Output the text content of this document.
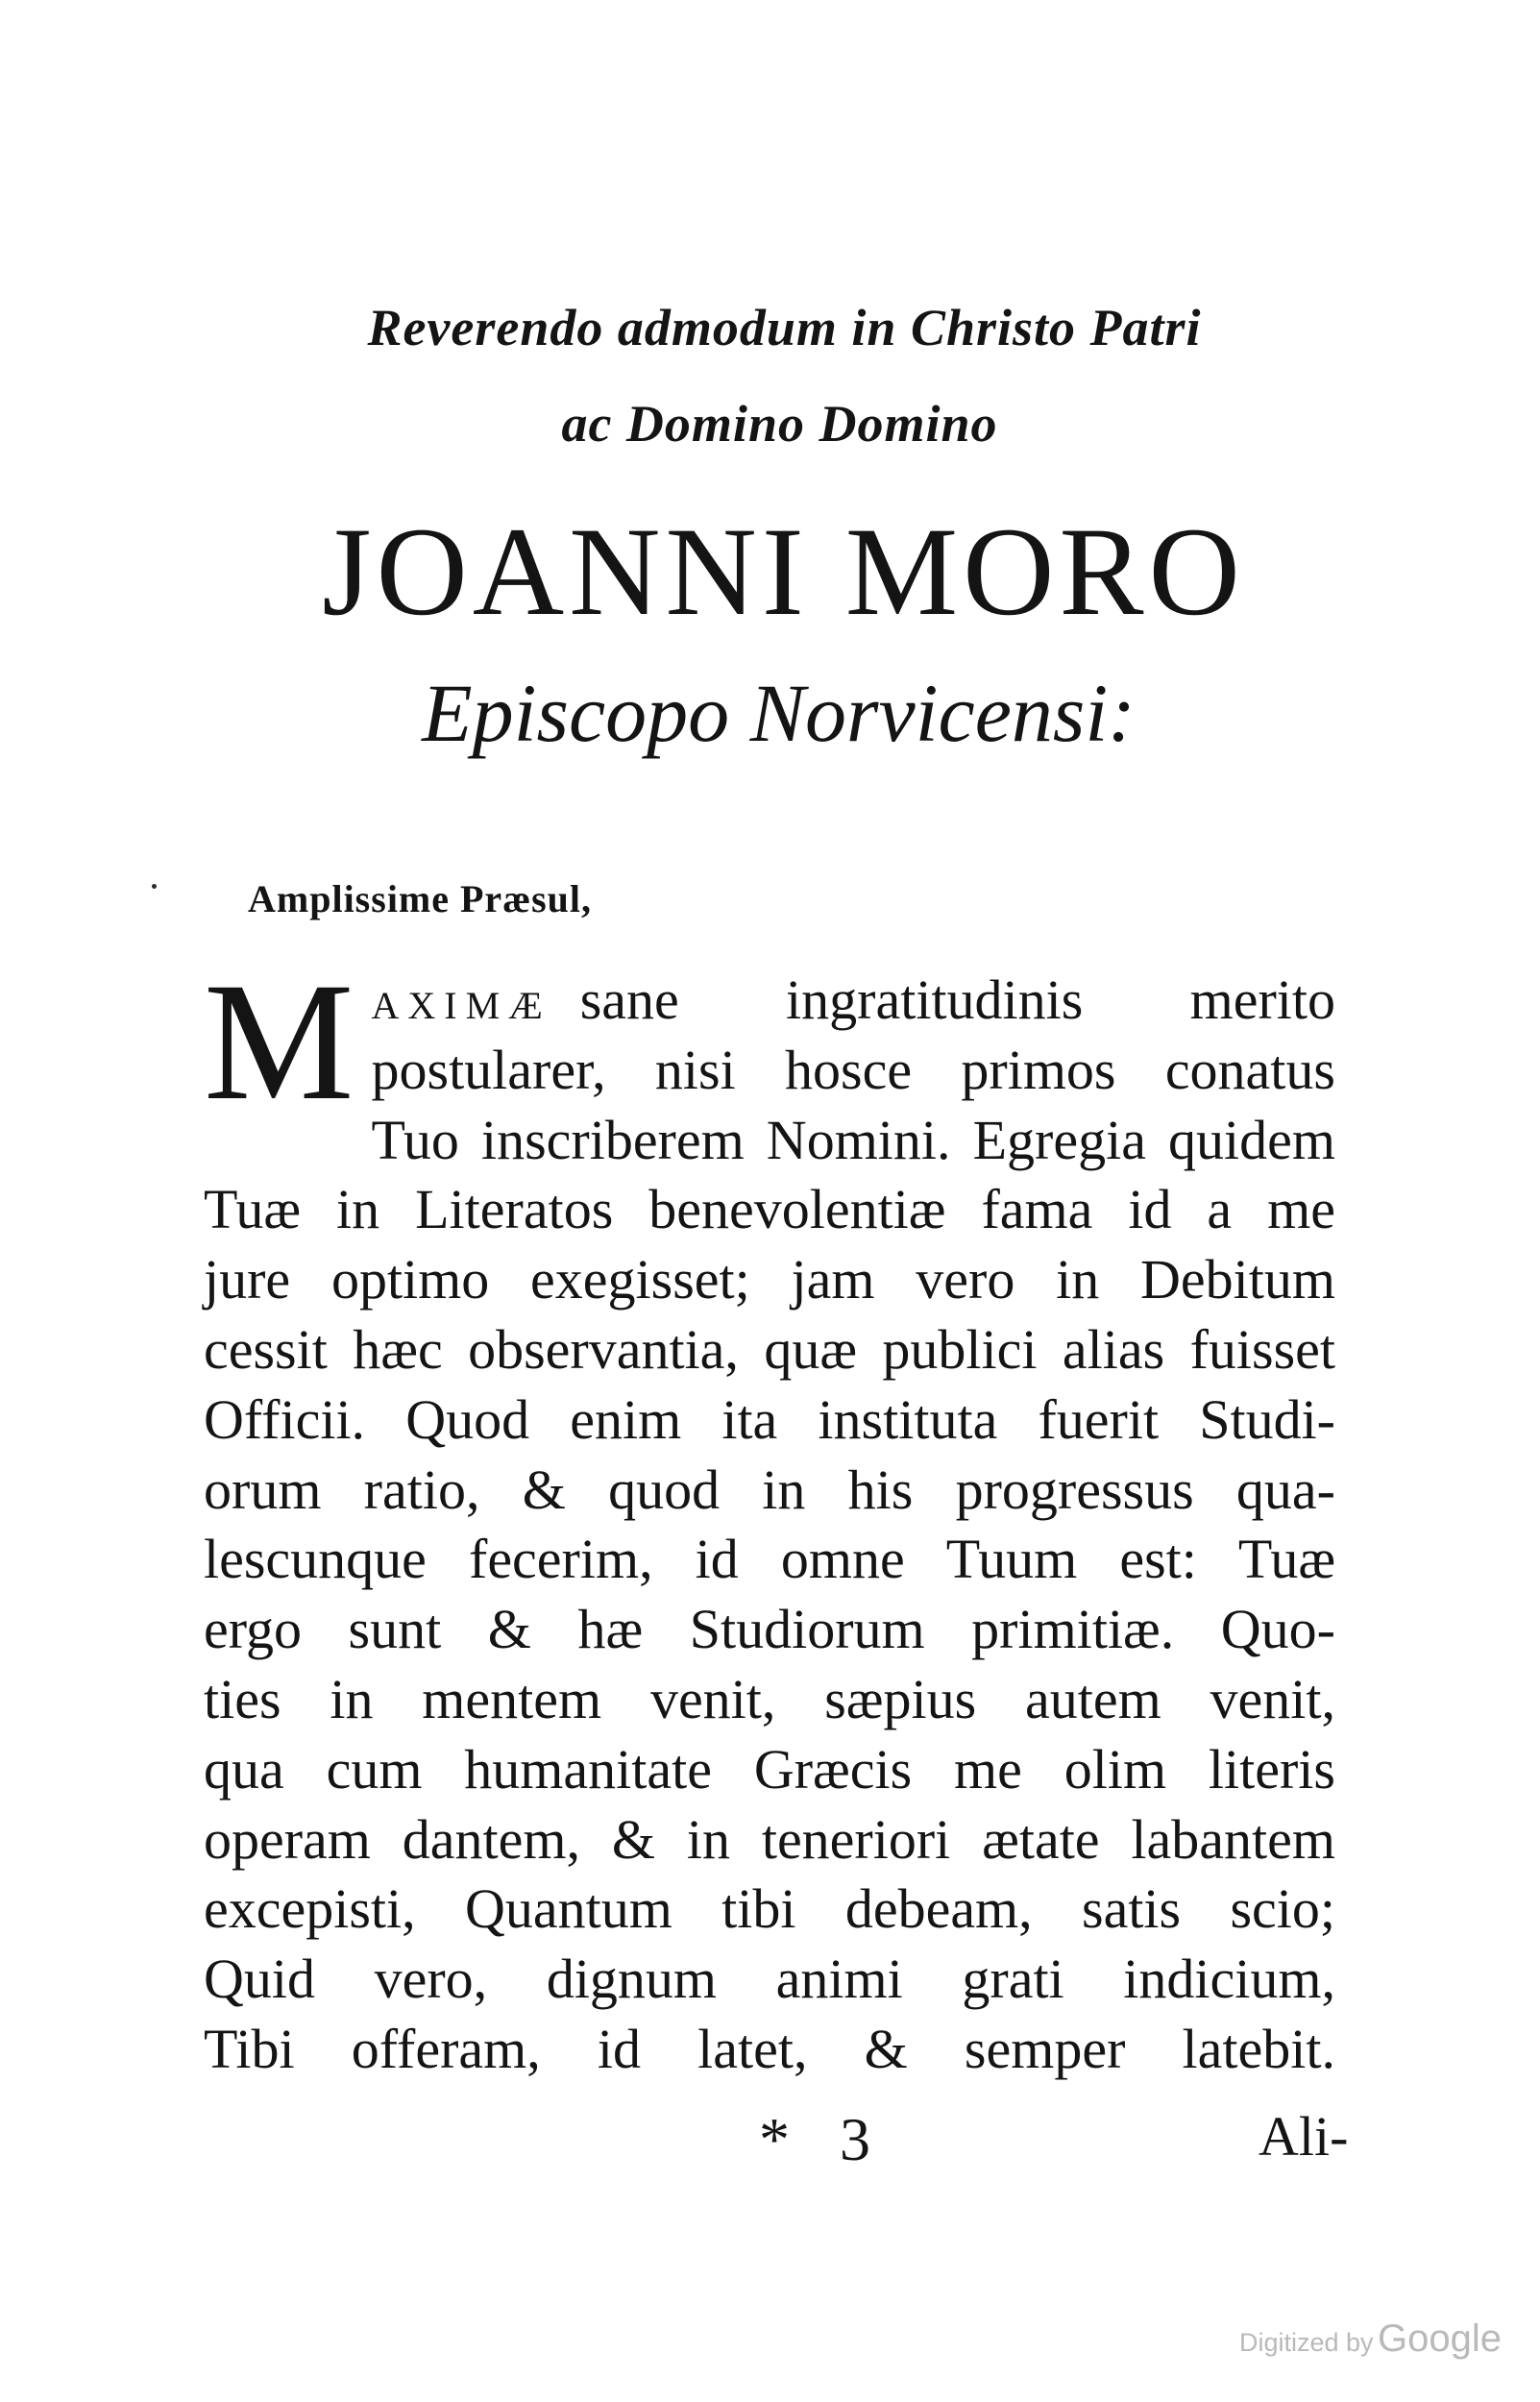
Reverendo admodum in Christo Patri
ac Domino Domino
JOANNI MORO
Episcopo Norvicensi:
Amplissime Præsul,
M AXIMÆ sane ingratitudinis merito
postularer, nisi hosce primos conatus
Tuo inscriberem Nomini. Egregia quidem
Tuæ in Literatos benevolentiæ fama id a me
jure optimo exegisset; jam vero in Debitum
cessit hæc observantia, quæ publici alias fuisset
Officii. Quod enim ita instituta fuerit Studi-
orum ratio, & quod in his progressus qua-
lescunque fecerim, id omne Tuum est: Tuæ
ergo sunt & hæ Studiorum primitiæ. Quo-
ties in mentem venit, sæpius autem venit,
qua cum humanitate Græcis me olim literis
operam dantem, & in teneriori ætate labantem
excepisti, Quantum tibi debeam, satis scio;
Quid vero, dignum animi grati indicium,
Tibi offeram, id latet, & semper latebit.
* 3	Ali-
Digitized by Google
